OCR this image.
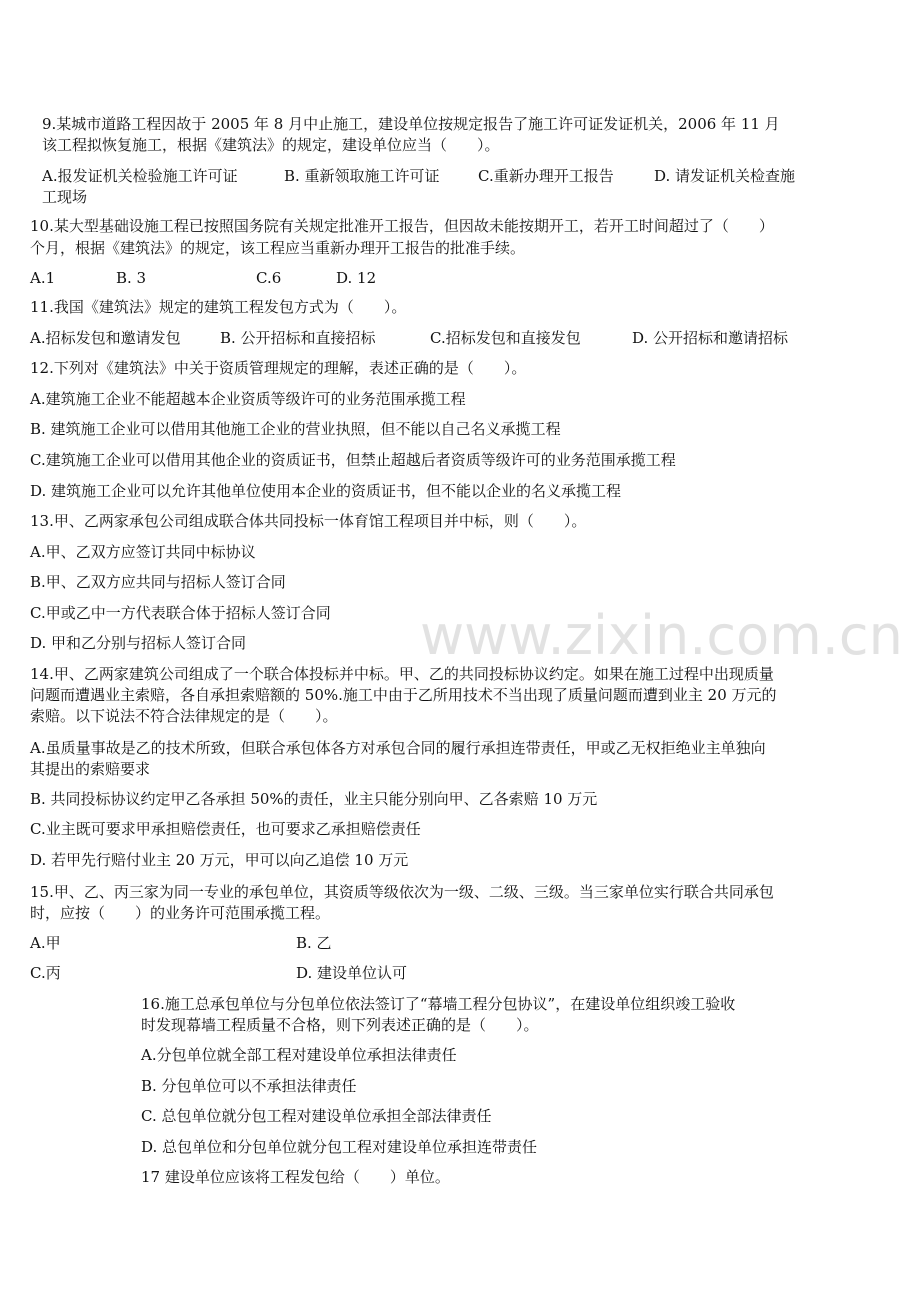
www.zixin.com.cn
9.某城市道路工程因故于 2005 年 8 月中止施工，建设单位按规定报告了施工许可证发证机关，2006 年 11 月
该工程拟恢复施工，根据《建筑法》的规定，建设单位应当（　　）。
A.报发证机关检验施工许可证	B. 重新领取施工许可证	C.重新办理开工报告	D. 请发证机关检查施
工现场
10.某大型基础设施工程已按照国务院有关规定批准开工报告，但因故未能按期开工，若开工时间超过了（　　）
个月，根据《建筑法》的规定，该工程应当重新办理开工报告的批准手续。
A.1	B. 3	C.6	D. 12
11.我国《建筑法》规定的建筑工程发包方式为（　　）。
A.招标发包和邀请发包	B. 公开招标和直接招标	C.招标发包和直接发包	D. 公开招标和邀请招标
12.下列对《建筑法》中关于资质管理规定的理解，表述正确的是（　　）。
A.建筑施工企业不能超越本企业资质等级许可的业务范围承揽工程
B. 建筑施工企业可以借用其他施工企业的营业执照，但不能以自己名义承揽工程
C.建筑施工企业可以借用其他企业的资质证书，但禁止超越后者资质等级许可的业务范围承揽工程
D. 建筑施工企业可以允许其他单位使用本企业的资质证书，但不能以企业的名义承揽工程
13.甲、乙两家承包公司组成联合体共同投标一体育馆工程项目并中标，则（　　）。
A.甲、乙双方应签订共同中标协议
B.甲、乙双方应共同与招标人签订合同
C.甲或乙中一方代表联合体于招标人签订合同
D. 甲和乙分别与招标人签订合同
14.甲、乙两家建筑公司组成了一个联合体投标并中标。甲、乙的共同投标协议约定。如果在施工过程中出现质量
问题而遭遇业主索赔，各自承担索赔额的 50%.施工中由于乙所用技术不当出现了质量问题而遭到业主 20 万元的
索赔。以下说法不符合法律规定的是（　　）。
A.虽质量事故是乙的技术所致，但联合承包体各方对承包合同的履行承担连带责任，甲或乙无权拒绝业主单独向
其提出的索赔要求
B. 共同投标协议约定甲乙各承担 50%的责任，业主只能分别向甲、乙各索赔 10 万元
C.业主既可要求甲承担赔偿责任，也可要求乙承担赔偿责任
D. 若甲先行赔付业主 20 万元，甲可以向乙追偿 10 万元
15.甲、乙、丙三家为同一专业的承包单位，其资质等级依次为一级、二级、三级。当三家单位实行联合共同承包
时，应按（　　）的业务许可范围承揽工程。
A.甲	B. 乙
C.丙	D. 建设单位认可
16.施工总承包单位与分包单位依法签订了“幕墙工程分包协议”，在建设单位组织竣工验收
时发现幕墙工程质量不合格，则下列表述正确的是（　　）。
A.分包单位就全部工程对建设单位承担法律责任
B. 分包单位可以不承担法律责任
C. 总包单位就分包工程对建设单位承担全部法律责任
D. 总包单位和分包单位就分包工程对建设单位承担连带责任
17 建设单位应该将工程发包给（　　）单位。
